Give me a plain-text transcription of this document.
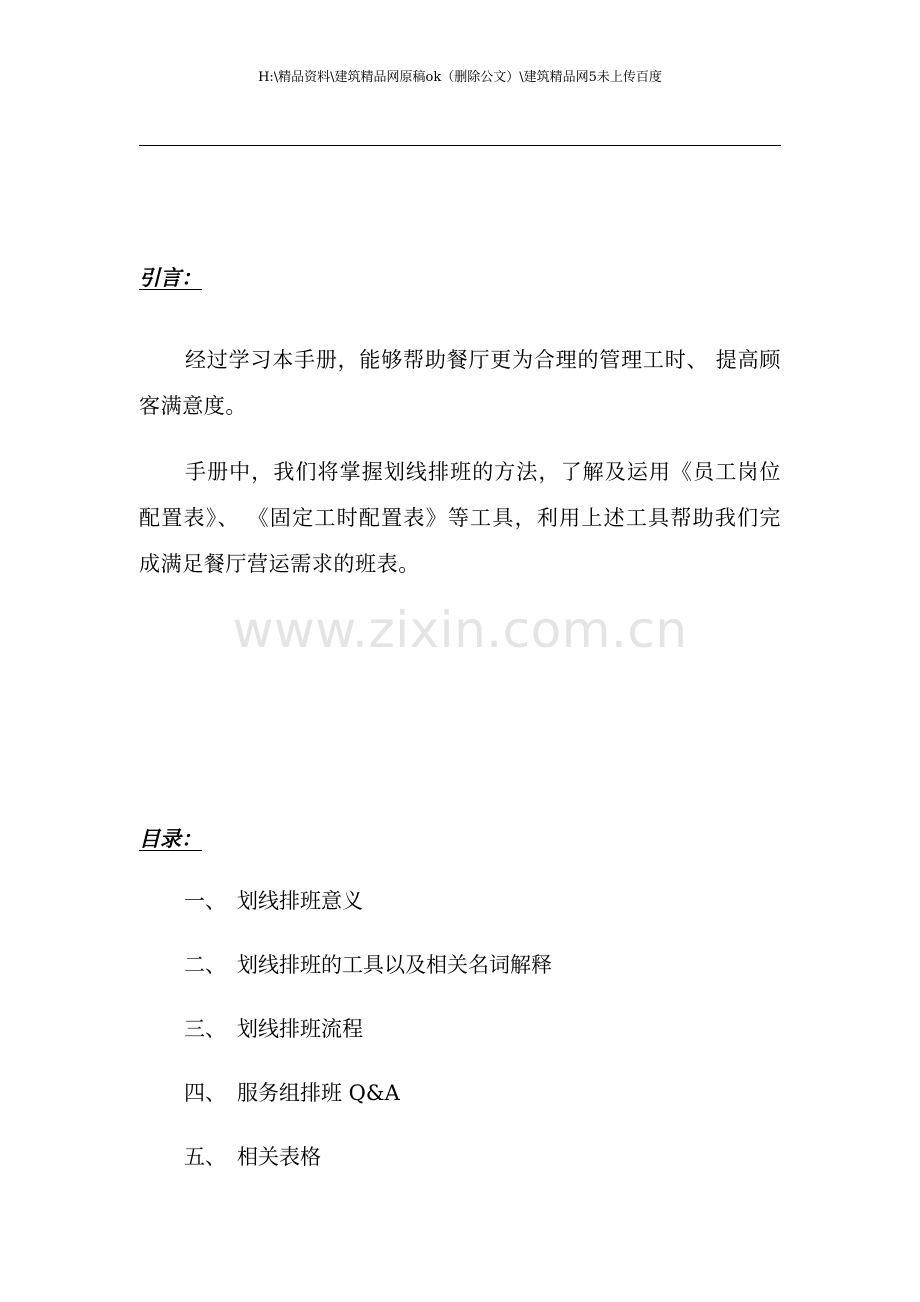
H:\精品资料\建筑精品网原稿ok（删除公文）\建筑精品网5未上传百度
引言：

经过学习本手册，能够帮助餐厅更为合理的管理工时、 提高顾客满意度。

手册中，我们将掌握划线排班的方法，了解及运用《员工岗位配置表》、 《固定工时配置表》等工具，利用上述工具帮助我们完成满足餐厅营运需求的班表。

www.zixin.com.cn
目录：
一、 划线排班意义
二、 划线排班的工具以及相关名词解释
三、 划线排班流程
四、 服务组排班 Q&A
五、 相关表格
